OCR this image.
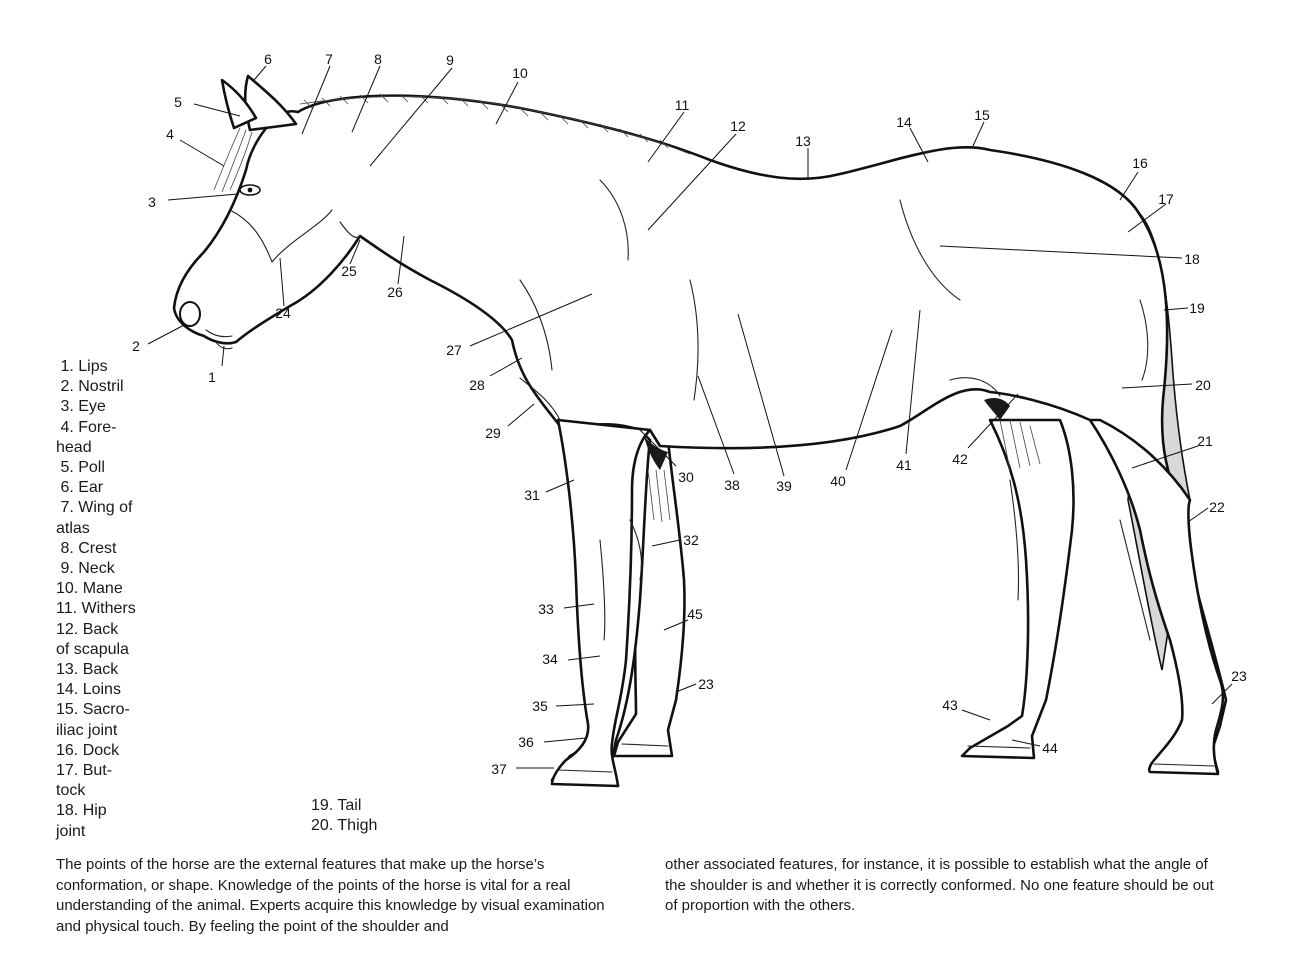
1
2
3
4
5
6	7	8	9
10
11
12
13
14	15
16
17
18
19
20
21
22
23
23
24
25
26
27
28
29
30
31
32
33
34
35
36
37
38	39	40
41	42
43
44
45
1. Lips
2. Nostril
3. Eye
4. Fore-
head
5. Poll
6. Ear
7. Wing of
atlas
8. Crest
9. Neck
10. Mane
11. Withers
12. Back
of scapula
13. Back
14. Loins
15. Sacro-
iliac joint
16. Dock
17. But-
tock
18. Hip
joint
19. Tail
20. Thigh

The points of the horse are the external features that make up the horse’s conformation, or shape. Knowledge of the points of the horse is vital for a real understanding of the animal. Experts acquire this knowledge by visual examination and physical touch. By feeling the point of the shoulder and

other associated features, for instance, it is possible to establish what the angle of the shoulder is and whether it is correctly conformed. No one feature should be out of proportion with the others.
